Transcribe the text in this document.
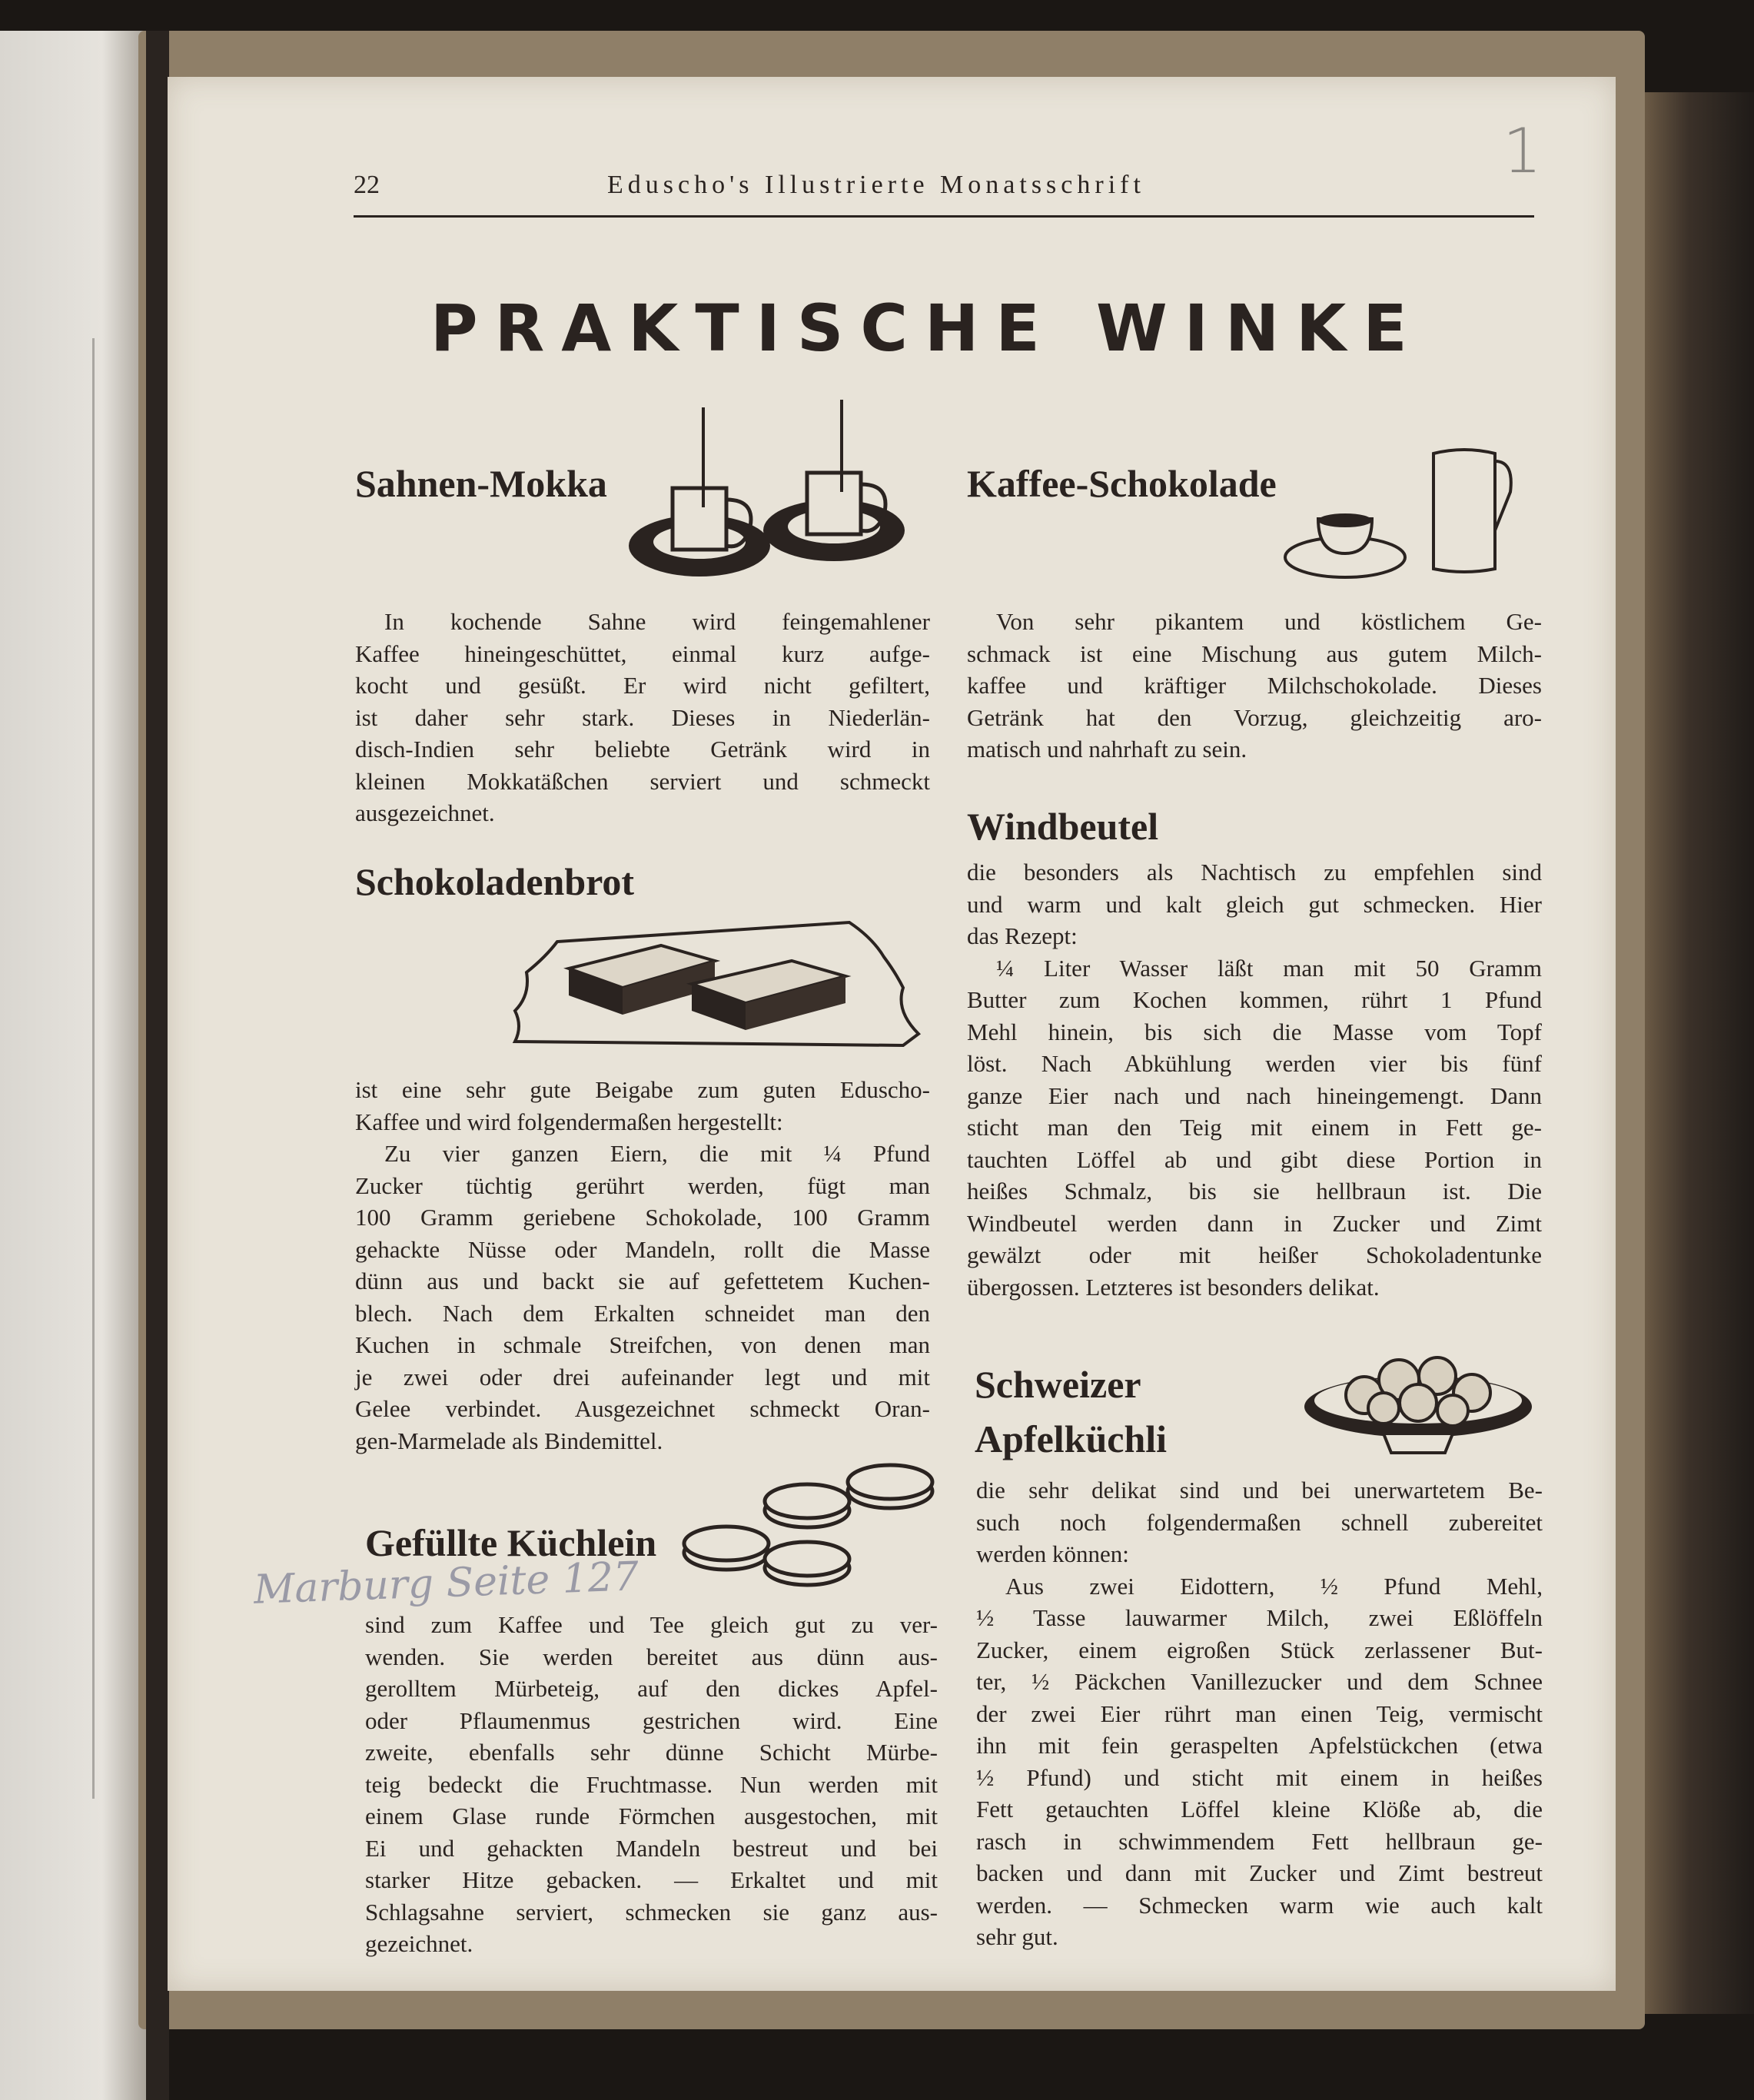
22	Eduscho's Illustrierte Monatsschrift	1
PRAKTISCHE WINKE
Sahnen-Mokka
In kochende Sahne wird feingemahlener
Kaffee hineingeschüttet, einmal kurz aufge-
kocht und gesüßt. Er wird nicht gefiltert,
ist daher sehr stark. Dieses in Niederlän-
disch-Indien sehr beliebte Getränk wird in
kleinen Mokkatäßchen serviert und schmeckt
ausgezeichnet.
Schokoladenbrot
ist eine sehr gute Beigabe zum guten Eduscho-
Kaffee und wird folgendermaßen hergestellt:
Zu vier ganzen Eiern, die mit ¼ Pfund
Zucker tüchtig gerührt werden, fügt man
100 Gramm geriebene Schokolade, 100 Gramm
gehackte Nüsse oder Mandeln, rollt die Masse
dünn aus und backt sie auf gefettetem Kuchen-
blech. Nach dem Erkalten schneidet man den
Kuchen in schmale Streifchen, von denen man
je zwei oder drei aufeinander legt und mit
Gelee verbindet. Ausgezeichnet schmeckt Oran-
gen-Marmelade als Bindemittel.
Gefüllte Küchlein
Marburg Seite 127
sind zum Kaffee und Tee gleich gut zu ver-
wenden. Sie werden bereitet aus dünn aus-
gerolltem Mürbeteig, auf den dickes Apfel-
oder Pflaumenmus gestrichen wird. Eine
zweite, ebenfalls sehr dünne Schicht Mürbe-
teig bedeckt die Fruchtmasse. Nun werden mit
einem Glase runde Förmchen ausgestochen, mit
Ei und gehackten Mandeln bestreut und bei
starker Hitze gebacken. — Erkaltet und mit
Schlagsahne serviert, schmecken sie ganz aus-
gezeichnet.
Kaffee-Schokolade
Von sehr pikantem und köstlichem Ge-
schmack ist eine Mischung aus gutem Milch-
kaffee und kräftiger Milchschokolade. Dieses
Getränk hat den Vorzug, gleichzeitig aro-
matisch und nahrhaft zu sein.
Windbeutel
die besonders als Nachtisch zu empfehlen sind
und warm und kalt gleich gut schmecken. Hier
das Rezept:
¼ Liter Wasser läßt man mit 50 Gramm
Butter zum Kochen kommen, rührt 1 Pfund
Mehl hinein, bis sich die Masse vom Topf
löst. Nach Abkühlung werden vier bis fünf
ganze Eier nach und nach hineingemengt. Dann
sticht man den Teig mit einem in Fett ge-
tauchten Löffel ab und gibt diese Portion in
heißes Schmalz, bis sie hellbraun ist. Die
Windbeutel werden dann in Zucker und Zimt
gewälzt oder mit heißer Schokoladentunke
übergossen. Letzteres ist besonders delikat.
Schweizer
Apfelküchli
die sehr delikat sind und bei unerwartetem Be-
such noch folgendermaßen schnell zubereitet
werden können:
Aus zwei Eidottern, ½ Pfund Mehl,
½ Tasse lauwarmer Milch, zwei Eßlöffeln
Zucker, einem eigroßen Stück zerlassener But-
ter, ½ Päckchen Vanillezucker und dem Schnee
der zwei Eier rührt man einen Teig, vermischt
ihn mit fein geraspelten Apfelstückchen (etwa
½ Pfund) und sticht mit einem in heißes
Fett getauchten Löffel kleine Klöße ab, die
rasch in schwimmendem Fett hellbraun ge-
backen und dann mit Zucker und Zimt bestreut
werden. — Schmecken warm wie auch kalt
sehr gut.
